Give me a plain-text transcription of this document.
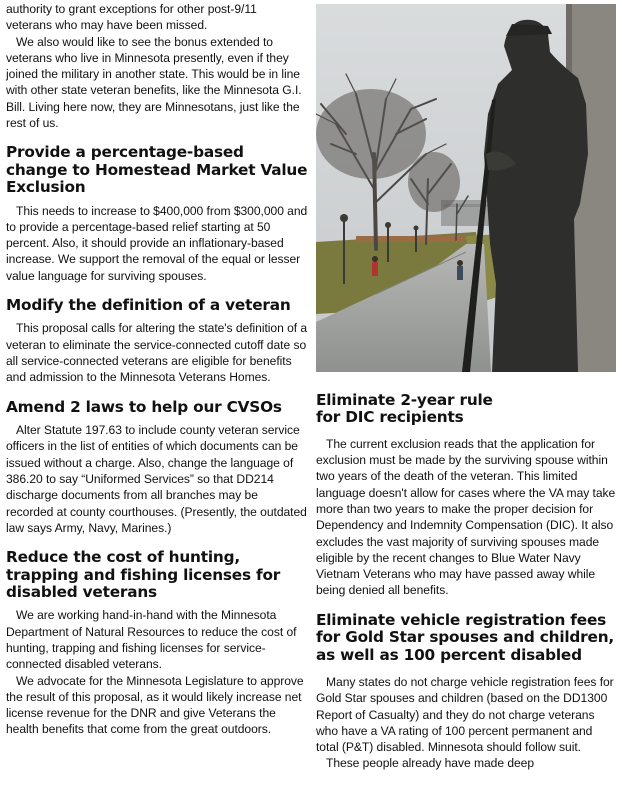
authority to grant exceptions for other post-9/11

veterans who may have been missed.

We also would like to see the bonus extended to veterans who live in Minnesota presently, even if they joined the military in another state. This would be in line with other state veteran benefits, like the Minnesota G.I. Bill. Living here now, they are Minnesotans, just like the rest of us.

Provide a percentage-based change to Homestead Market Value Exclusion

This needs to increase to $400,000 from $300,000 and to provide a percentage-based relief starting at 50 percent. Also, it should provide an inflationary-based increase. We support the removal of the equal or lesser value language for surviving spouses.

Modify the definition of a veteran

This proposal calls for altering the state's definition of a veteran to eliminate the service-connected cutoff date so all service-connected veterans are eligible for benefits and admission to the Minnesota Veterans Homes.

Amend 2 laws to help our CVSOs

Alter Statute 197.63 to include county veteran service officers in the list of entities of which documents can be issued without a charge. Also, change the language of 386.20 to say “Uniformed Services” so that DD214 discharge documents from all branches may be recorded at county courthouses. (Presently, the outdated law says Army, Navy, Marines.)

Reduce the cost of hunting, trapping and fishing licenses for disabled veterans

We are working hand-in-hand with the Minnesota Department of Natural Resources to reduce the cost of hunting, trapping and fishing licenses for service-connected disabled veterans.

We advocate for the Minnesota Legislature to approve the result of this proposal, as it would likely increase net license revenue for the DNR and give Veterans the health benefits that come from the great outdoors.

Eliminate 2-year rule
for DIC recipients

The current exclusion reads that the application for exclusion must be made by the surviving spouse within two years of the death of the veteran. This limited language doesn't allow for cases where the VA may take more than two years to make the proper decision for Dependency and Indemnity Compensation (DIC). It also excludes the vast majority of surviving spouses made eligible by the recent changes to Blue Water Navy Vietnam Veterans who may have passed away while being denied all benefits.

Eliminate vehicle registration fees for Gold Star spouses and children, as well as 100 percent disabled

Many states do not charge vehicle registration fees for Gold Star spouses and children (based on the DD1300 Report of Casualty) and they do not charge veterans who have a VA rating of 100 percent permanent and total (P&T) disabled. Minnesota should follow suit.

These people already have made deep
